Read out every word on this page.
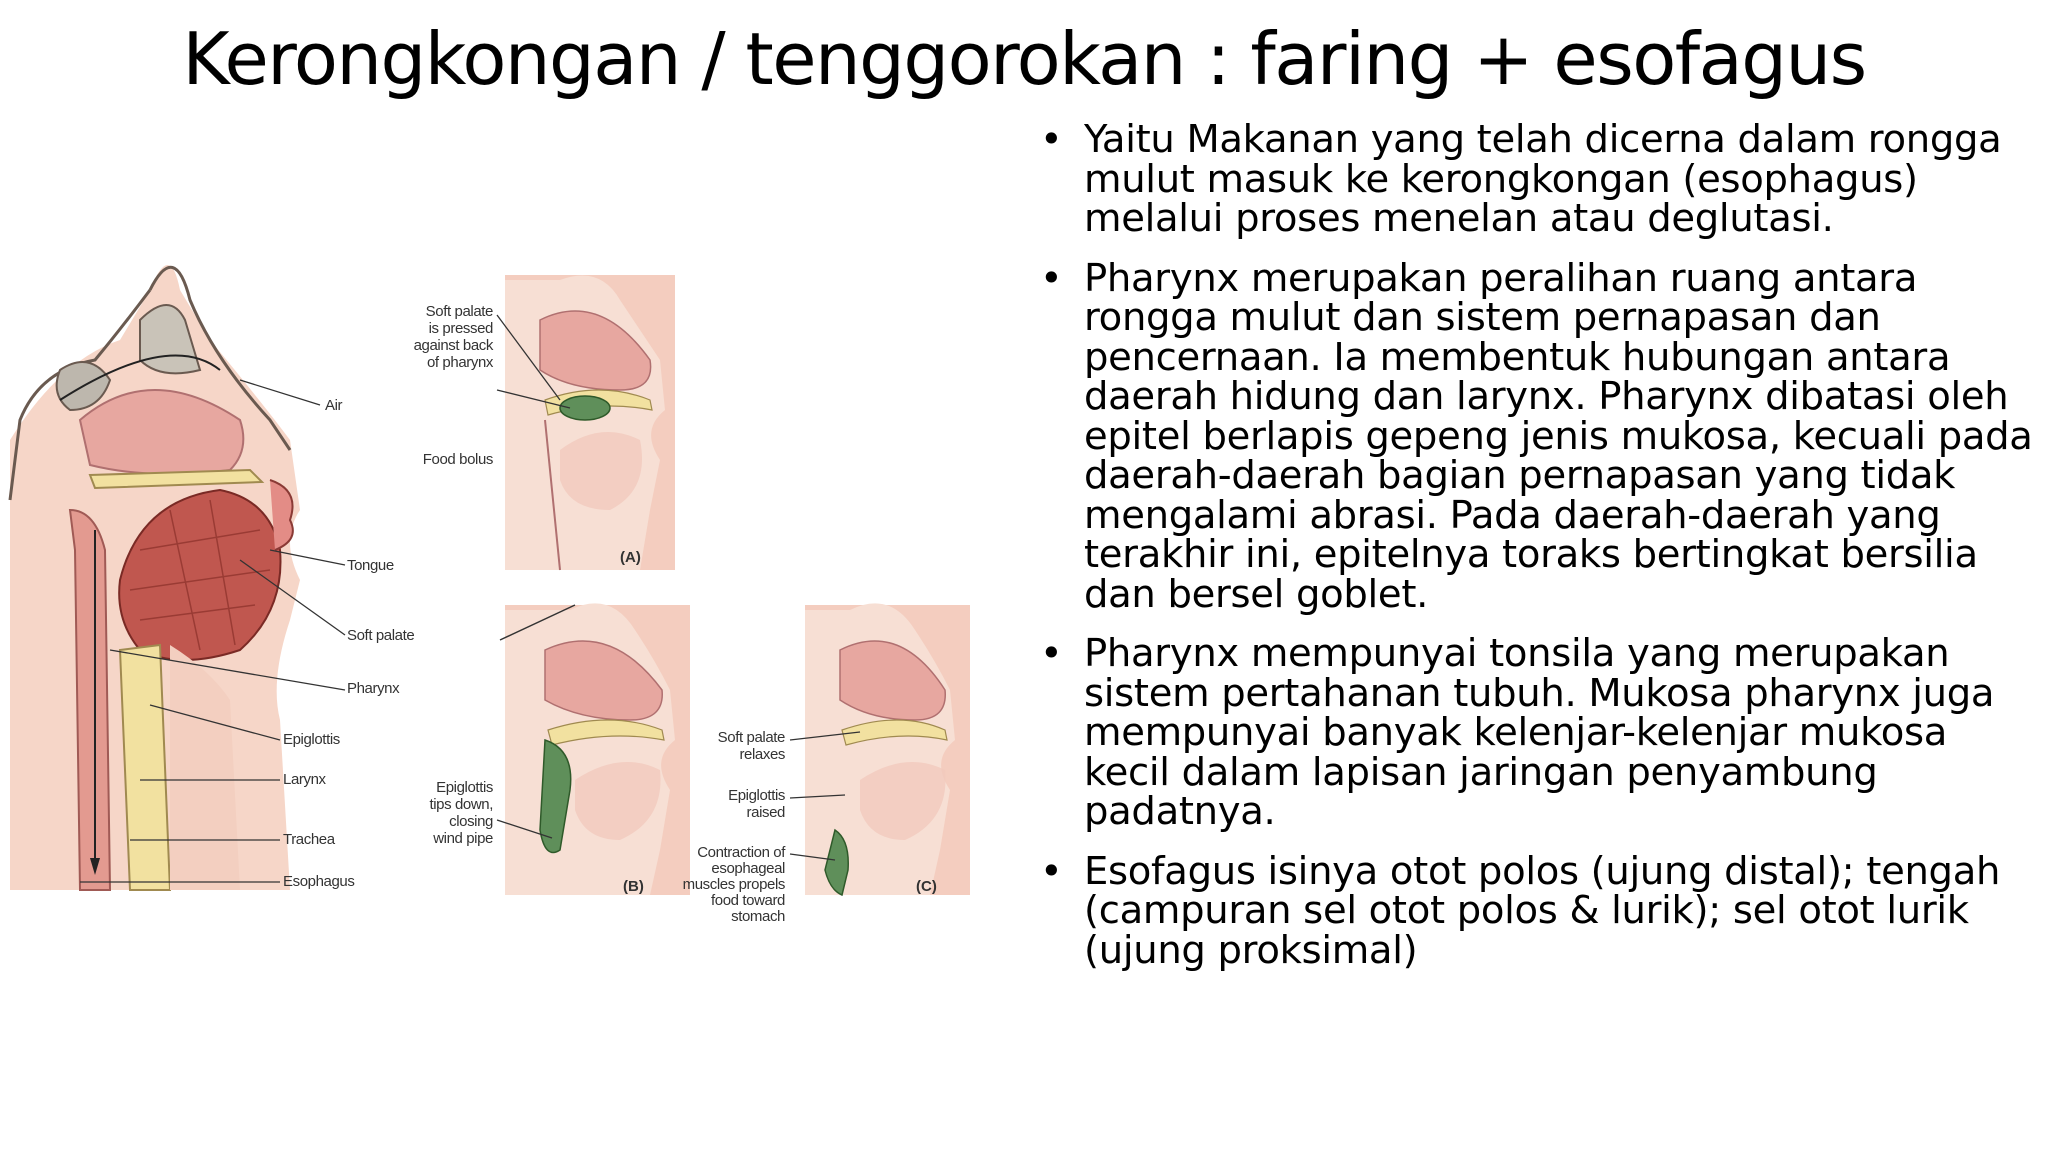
Kerongkongan / tenggorokan : faring + esofagus
Air
Tongue
Soft palate
Pharynx
Epiglottis
Larynx
Trachea
Esophagus
Soft palate is pressed against back of pharynx
Food bolus
(A)
Epiglottis tips down, closing wind pipe
(B)
Soft palate relaxes
Epiglottis raised
Contraction of esophageal muscles propels food toward stomach
(C)
• Yaitu Makanan yang telah dicerna dalam rongga mulut masuk ke kerongkongan (esophagus) melalui proses menelan atau deglutasi.
• Pharynx merupakan peralihan ruang antara rongga mulut dan sistem pernapasan dan pencernaan. Ia membentuk hubungan antara daerah hidung dan larynx. Pharynx dibatasi oleh epitel berlapis gepeng jenis mukosa, kecuali pada daerah-daerah bagian pernapasan yang tidak mengalami abrasi. Pada daerah-daerah yang terakhir ini, epitelnya toraks bertingkat bersilia dan bersel goblet.
• Pharynx mempunyai tonsila yang merupakan sistem pertahanan tubuh. Mukosa pharynx juga mempunyai banyak kelenjar-kelenjar mukosa kecil dalam lapisan jaringan penyambung padatnya.
• Esofagus isinya otot polos (ujung distal); tengah (campuran sel otot polos & lurik); sel otot lurik (ujung proksimal)
